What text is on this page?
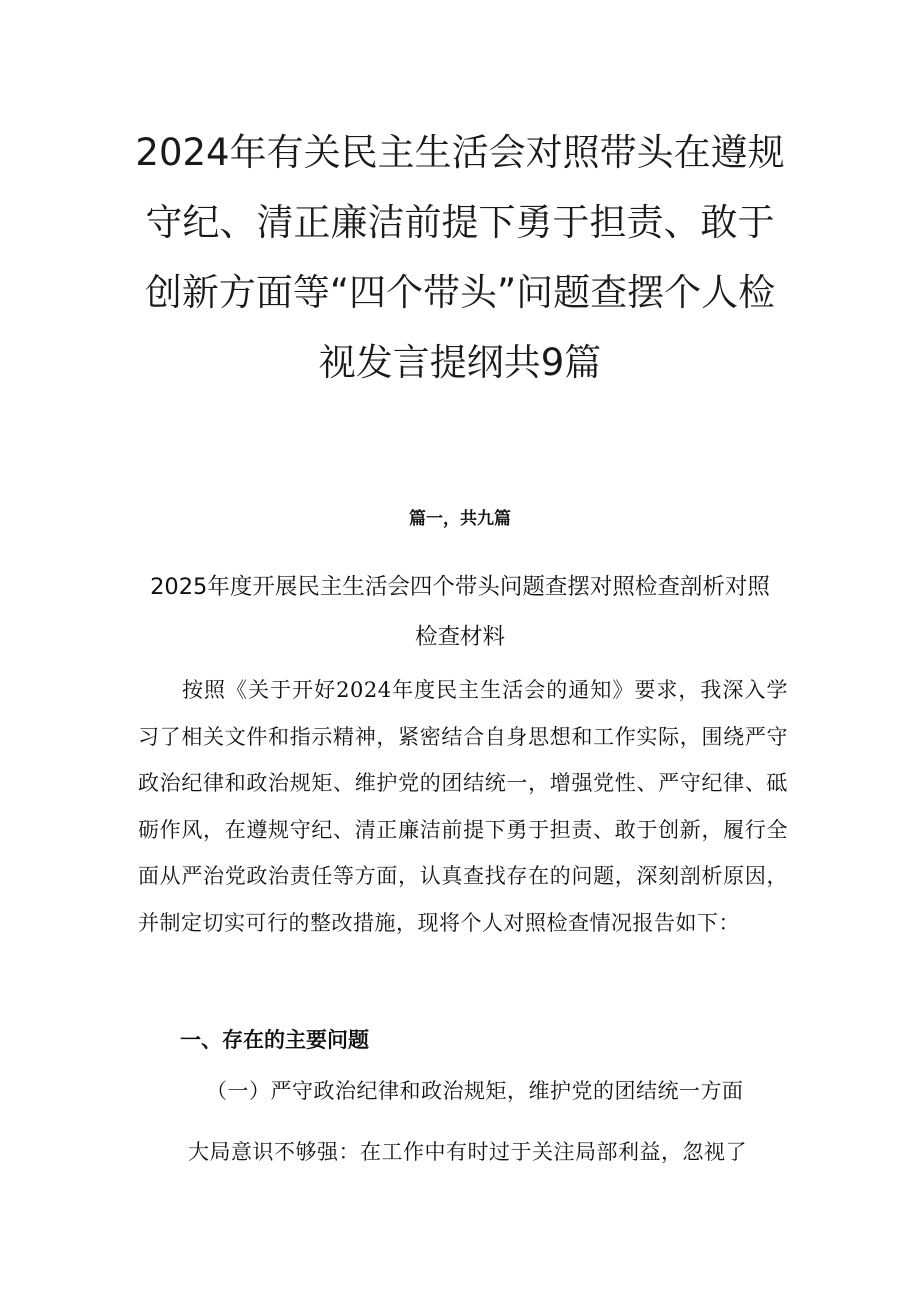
2024年有关民主生活会对照带头在遵规守纪、清正廉洁前提下勇于担责、敢于创新方面等“四个带头”问题查摆个人检视发言提纲共9篇
篇一，共九篇
2025年度开展民主生活会四个带头问题查摆对照检查剖析对照检查材料

按照《关于开好2024年度民主生活会的通知》要求，我深入学习了相关文件和指示精神，紧密结合自身思想和工作实际，围绕严守政治纪律和政治规矩、维护党的团结统一，增强党性、严守纪律、砥砺作风，在遵规守纪、清正廉洁前提下勇于担责、敢于创新，履行全面从严治党政治责任等方面，认真查找存在的问题，深刻剖析原因，并制定切实可行的整改措施，现将个人对照检查情况报告如下：

一、存在的主要问题

（一）严守政治纪律和政治规矩，维护党的团结统一方面

大局意识不够强：在工作中有时过于关注局部利益，忽视了
